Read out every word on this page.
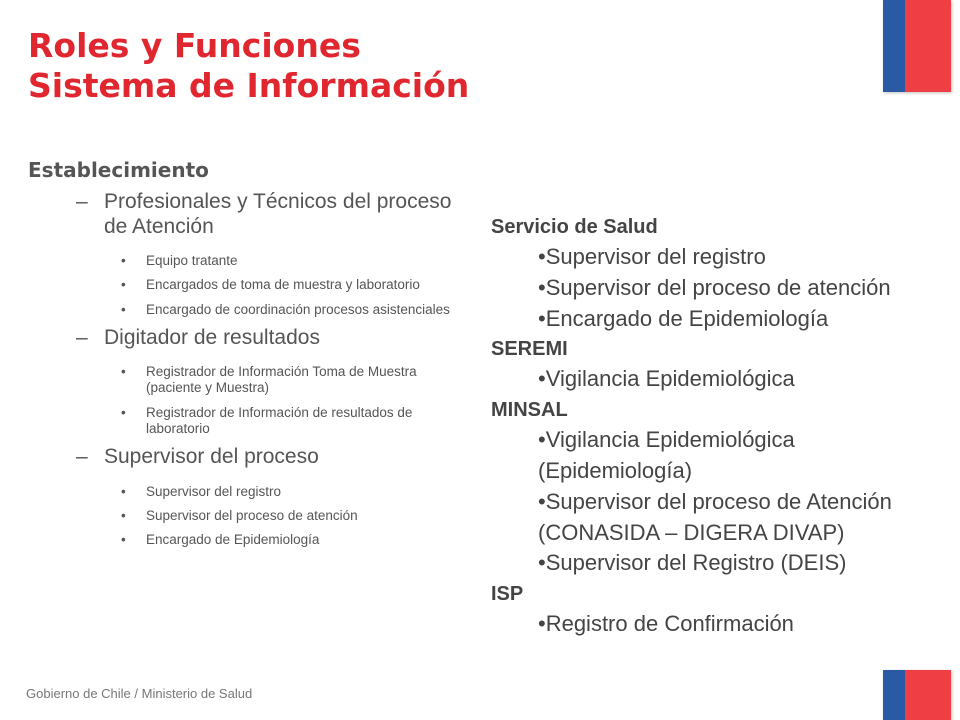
Roles y Funciones
Sistema de Información
Establecimiento
– Profesionales y Técnicos del proceso de Atención
• Equipo tratante
• Encargados de toma de muestra y laboratorio
• Encargado de coordinación procesos asistenciales
– Digitador de resultados
• Registrador de Información Toma de Muestra (paciente y Muestra)
• Registrador de Información de resultados de laboratorio
– Supervisor del proceso
• Supervisor del registro
• Supervisor del proceso de atención
• Encargado de Epidemiología
Servicio de Salud
•Supervisor del registro
•Supervisor del proceso de atención
•Encargado de Epidemiología
SEREMI
•Vigilancia Epidemiológica
MINSAL
•Vigilancia Epidemiológica (Epidemiología)
•Supervisor del proceso de Atención (CONASIDA – DIGERA DIVAP)
•Supervisor del Registro (DEIS)
ISP
•Registro de Confirmación
Gobierno de Chile / Ministerio de Salud
